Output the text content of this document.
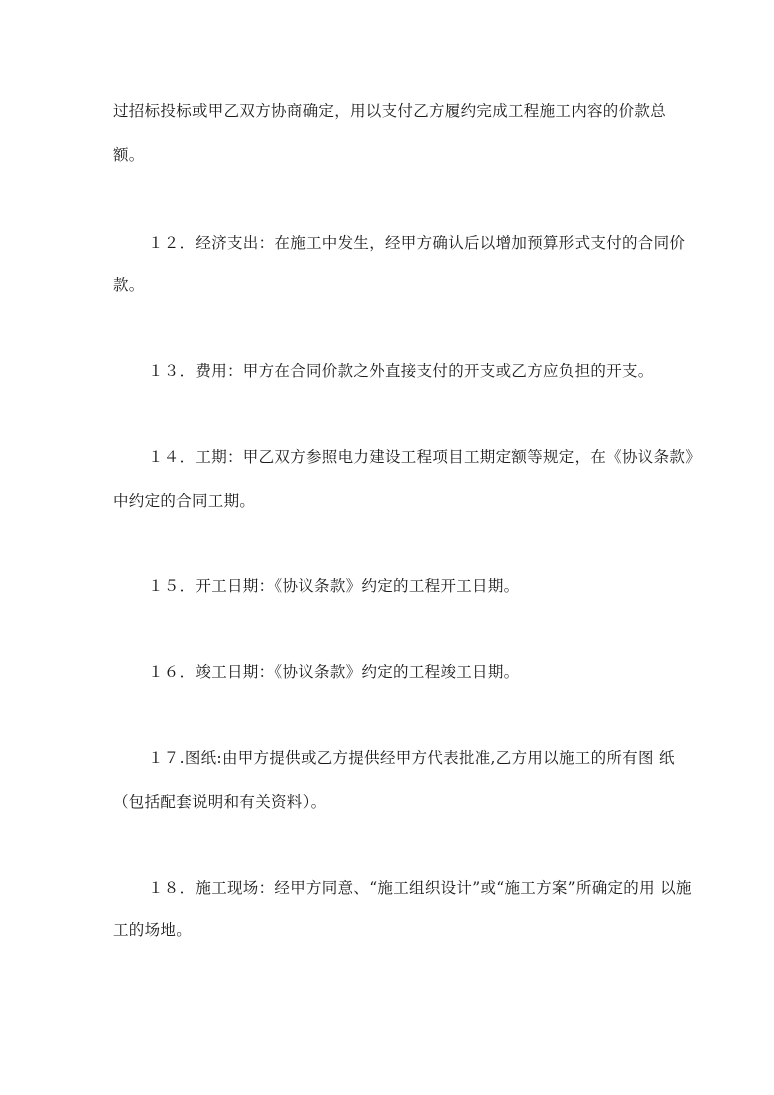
过招标投标或甲乙双方协商确定，用以支付乙方履约完成工程施工内容的价款总
额。
１２．经济支出：在施工中发生，经甲方确认后以增加预算形式支付的合同价
款。
１３．费用：甲方在合同价款之外直接支付的开支或乙方应负担的开支。
１４．工期：甲乙双方参照电力建设工程项目工期定额等规定，在《协议条款》
中约定的合同工期。
１５．开工日期：《协议条款》约定的工程开工日期。
１６．竣工日期：《协议条款》约定的工程竣工日期。
１７.图纸:由甲方提供或乙方提供经甲方代表批准,乙方用以施工的所有图 纸
（包括配套说明和有关资料）。
１８．施工现场：经甲方同意、“施工组织设计”或“施工方案”所确定的用 以施
工的场地。
